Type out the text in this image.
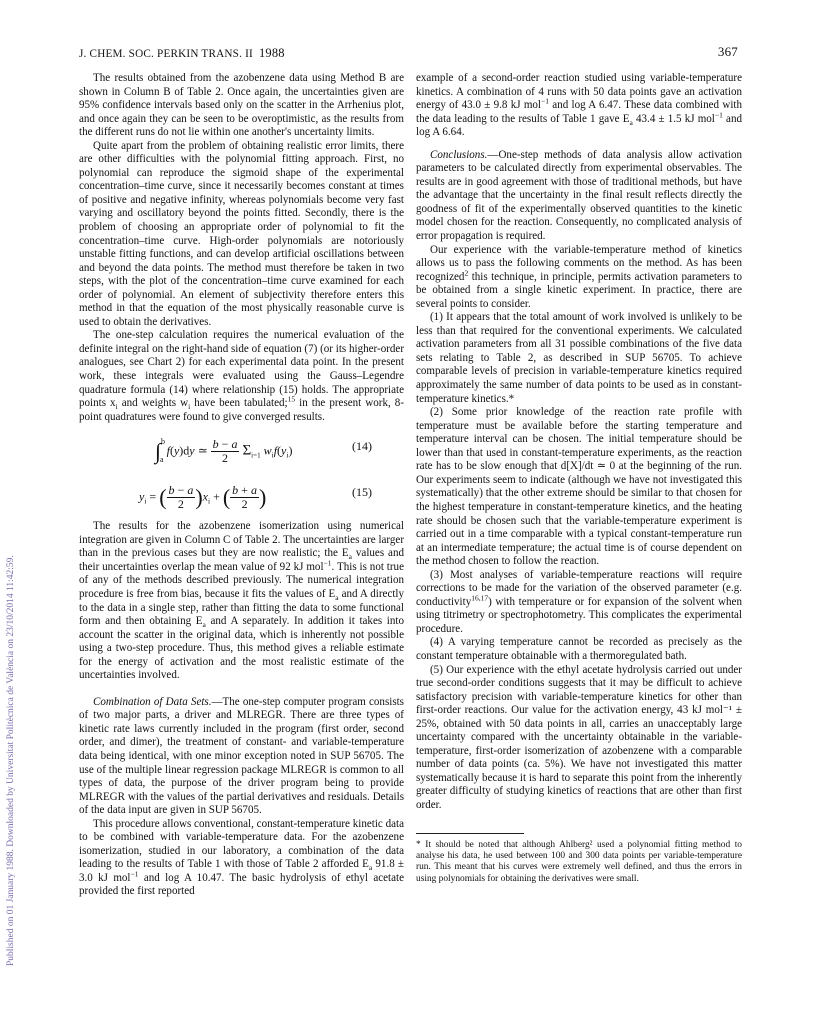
Published on 01 January 1988. Downloaded by Universitat Politècnica de València on 23/10/2014 11:42:59.
J. CHEM. SOC. PERKIN TRANS. II 1988	367

The results obtained from the azobenzene data using Method B are shown in Column B of Table 2. Once again, the uncertainties given are 95% confidence intervals based only on the scatter in the Arrhenius plot, and once again they can be seen to be overoptimistic, as the results from the different runs do not lie within one another's uncertainty limits.

Quite apart from the problem of obtaining realistic error limits, there are other difficulties with the polynomial fitting approach. First, no polynomial can reproduce the sigmoid shape of the experimental concentration–time curve, since it necessarily becomes constant at times of positive and negative infinity, whereas polynomials become very fast varying and oscillatory beyond the points fitted. Secondly, there is the problem of choosing an appropriate order of polynomial to fit the concentration–time curve. High-order polynomials are notoriously unstable fitting functions, and can develop artificial oscillations between and beyond the data points. The method must therefore be taken in two steps, with the plot of the concentration–time curve examined for each order of polynomial. An element of subjectivity therefore enters this method in that the equation of the most physically reasonable curve is used to obtain the derivatives.

The one-step calculation requires the numerical evaluation of the definite integral on the right-hand side of equation (7) (or its higher-order analogues, see Chart 2) for each experimental data point. In the present work, these integrals were evaluated using the Gauss–Legendre quadrature formula (14) where relationship (15) holds. The appropriate points $x_i$ and weights $w_i$ have been tabulated;$^{15}$ in the present work, 8-point quadratures were found to give converged results.

∫$^b_a$ f(y)dy ≃ $\frac{b - a}{2} \Sigma_{i=1}$ $w_if(y_i)$	(14)
$y_i$ = ( $\frac{b - a}{2} )x_i$ + ( $\frac{b + a}{2}$ )	(15)

The results for the azobenzene isomerization using numerical integration are given in Column C of Table 2. The uncertainties are larger than in the previous cases but they are now realistic; the $E_a$ values and their uncertainties overlap the mean value of 92 kJ mol$^{-1}$. This is not true of any of the methods described previously. The numerical integration procedure is free from bias, because it fits the values of $E_a$ and A directly to the data in a single step, rather than fitting the data to some functional form and then obtaining $E_a$ and A separately. In addition it takes into account the scatter in the original data, which is inherently not possible using a two-step procedure. Thus, this method gives a reliable estimate for the energy of activation and the most realistic estimate of the uncertainties involved.

Combination of Data Sets.—The one-step computer program consists of two major parts, a driver and MLREGR. There are three types of kinetic rate laws currently included in the program (first order, second order, and dimer), the treatment of constant- and variable-temperature data being identical, with one minor exception noted in SUP 56705. The use of the multiple linear regression package MLREGR is common to all types of data, the purpose of the driver program being to provide MLREGR with the values of the partial derivatives and residuals. Details of the data input are given in SUP 56705.

This procedure allows conventional, constant-temperature kinetic data to be combined with variable-temperature data. For the azobenzene isomerization, studied in our laboratory, a combination of the data leading to the results of Table 1 with those of Table 2 afforded $E_a$ 91.8 ± 3.0 kJ mol$^{-1}$ and log A 10.47. The basic hydrolysis of ethyl acetate provided the first reported

example of a second-order reaction studied using variable-temperature kinetics. A combination of 4 runs with 50 data points gave an activation energy of 43.0 ± 9.8 kJ mol$^{-1}$ and log A 6.47. These data combined with the data leading to the results of Table 1 gave $E_a$ 43.4 ± 1.5 kJ mol$^{-1}$ and log A 6.64.

Conclusions.—One-step methods of data analysis allow activation parameters to be calculated directly from experimental observables. The results are in good agreement with those of traditional methods, but have the advantage that the uncertainty in the final result reflects directly the goodness of fit of the experimentally observed quantities to the kinetic model chosen for the reaction. Consequently, no complicated analysis of error propagation is required.

Our experience with the variable-temperature method of kinetics allows us to pass the following comments on the method. As has been recognized$^2$ this technique, in principle, permits activation parameters to be obtained from a single kinetic experiment. In practice, there are several points to consider.

(1) It appears that the total amount of work involved is unlikely to be less than that required for the conventional experiments. We calculated activation parameters from all 31 possible combinations of the five data sets relating to Table 2, as described in SUP 56705. To achieve comparable levels of precision in variable-temperature kinetics required approximately the same number of data points to be used as in constant-temperature kinetics.*

(2) Some prior knowledge of the reaction rate profile with temperature must be available before the starting temperature and temperature interval can be chosen. The initial temperature should be lower than that used in constant-temperature experiments, as the reaction rate has to be slow enough that d[X]/dt ≃ 0 at the beginning of the run. Our experiments seem to indicate (although we have not investigated this systematically) that the other extreme should be similar to that chosen for the highest temperature in constant-temperature kinetics, and the heating rate should be chosen such that the variable-temperature experiment is carried out in a time comparable with a typical constant-temperature run at an intermediate temperature; the actual time is of course dependent on the method chosen to follow the reaction.

(3) Most analyses of variable-temperature reactions will require corrections to be made for the variation of the observed parameter (e.g. conductivity$^{16,17}$) with temperature or for expansion of the solvent when using titrimetry or spectrophotometry. This complicates the experimental procedure.

(4) A varying temperature cannot be recorded as precisely as the constant temperature obtainable with a thermoregulated bath.

(5) Our experience with the ethyl acetate hydrolysis carried out under true second-order conditions suggests that it may be difficult to achieve satisfactory precision with variable-temperature kinetics for other than first-order reactions. Our value for the activation energy, 43 kJ mol⁻¹ ± 25%, obtained with 50 data points in all, carries an unacceptably large uncertainty compared with the uncertainty obtainable in the variable-temperature, first-order isomerization of azobenzene with a comparable number of data points (ca. 5%). We have not investigated this matter systematically because it is hard to separate this point from the inherently greater difficulty of studying kinetics of reactions that are other than first order.

* It should be noted that although Ahlberg² used a polynomial fitting method to analyse his data, he used between 100 and 300 data points per variable-temperature run. This meant that his curves were extremely well defined, and thus the errors in using polynomials for obtaining the derivatives were small.
